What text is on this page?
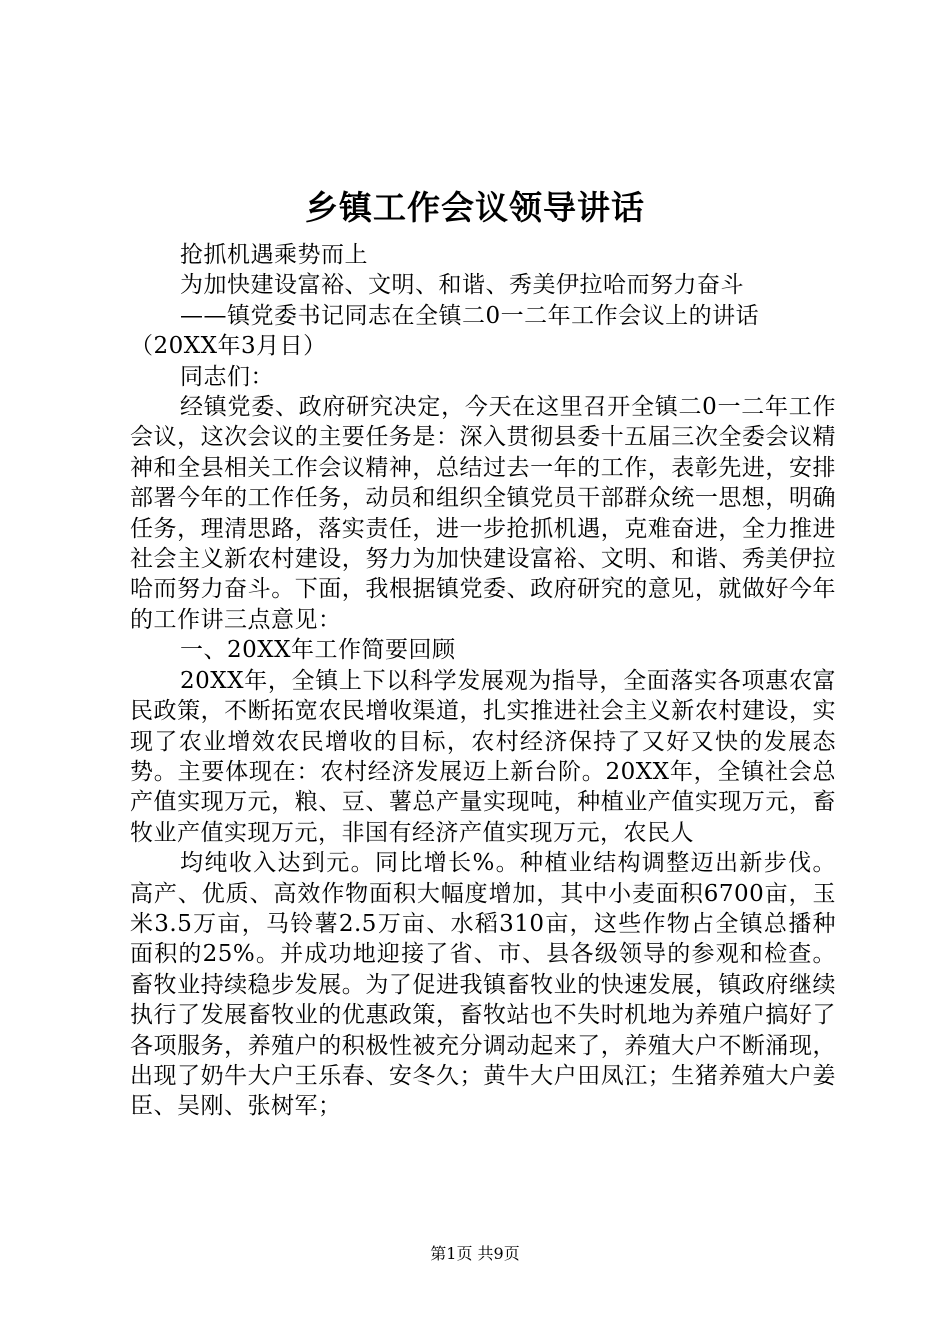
乡镇工作会议领导讲话

抢抓机遇乘势而上

为加快建设富裕、文明、和谐、秀美伊拉哈而努力奋斗

——镇党委书记同志在全镇二0一二年工作会议上的讲话

（20XX年3月日）

同志们：

经镇党委、政府研究决定，今天在这里召开全镇二0一二年工作会议，这次会议的主要任务是：深入贯彻县委十五届三次全委会议精神和全县相关工作会议精神，总结过去一年的工作，表彰先进，安排部署今年的工作任务，动员和组织全镇党员干部群众统一思想，明确任务，理清思路，落实责任，进一步抢抓机遇，克难奋进，全力推进社会主义新农村建设，努力为加快建设富裕、文明、和谐、秀美伊拉哈而努力奋斗。下面，我根据镇党委、政府研究的意见，就做好今年的工作讲三点意见：

一、20XX年工作简要回顾

20XX年，全镇上下以科学发展观为指导，全面落实各项惠农富民政策，不断拓宽农民增收渠道，扎实推进社会主义新农村建设，实现了农业增效农民增收的目标，农村经济保持了又好又快的发展态势。主要体现在：农村经济发展迈上新台阶。20XX年，全镇社会总产值实现万元，粮、豆、薯总产量实现吨，种植业产值实现万元，畜牧业产值实现万元，非国有经济产值实现万元，农民人

均纯收入达到元。同比增长%。种植业结构调整迈出新步伐。高产、优质、高效作物面积大幅度增加，其中小麦面积6700亩，玉米3.5万亩，马铃薯2.5万亩、水稻310亩，这些作物占全镇总播种面积的25%。并成功地迎接了省、市、县各级领导的参观和检查。畜牧业持续稳步发展。为了促进我镇畜牧业的快速发展，镇政府继续执行了发展畜牧业的优惠政策，畜牧站也不失时机地为养殖户搞好了各项服务，养殖户的积极性被充分调动起来了，养殖大户不断涌现，出现了奶牛大户王乐春、安冬久；黄牛大户田凤江；生猪养殖大户姜臣、吴刚、张树军；

第1页 共9页
